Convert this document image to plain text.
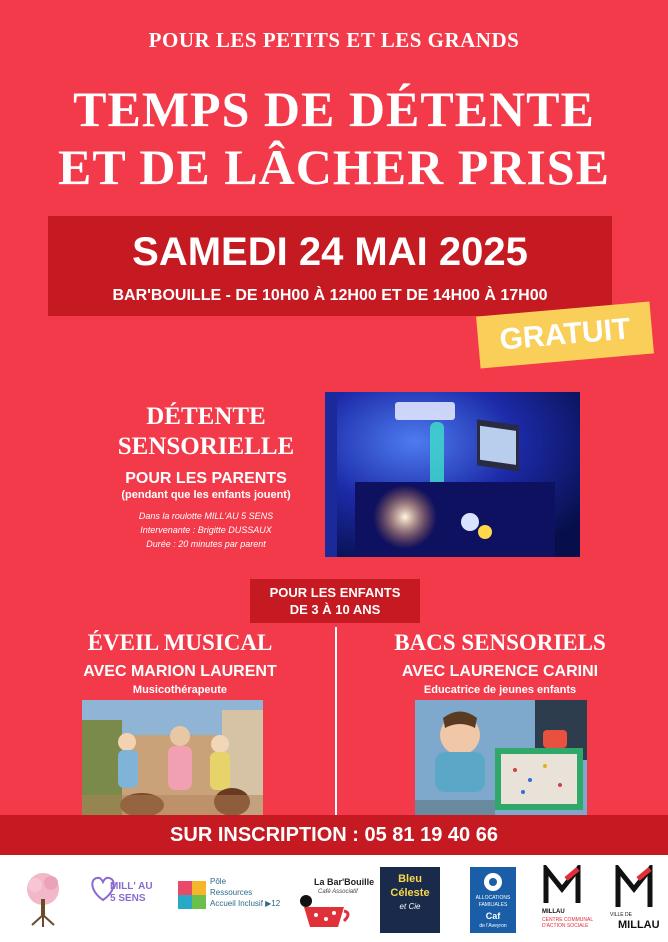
POUR LES PETITS ET LES GRANDS
TEMPS DE DÉTENTE
ET DE LÂCHER PRISE
SAMEDI 24 MAI 2025
BAR'BOUILLE - DE 10H00 À 12H00 ET DE 14H00 À 17H00
GRATUIT
DÉTENTE
SENSORIELLE
POUR LES PARENTS
(pendant que les enfants jouent)
Dans la roulotte MILL'AU 5 SENS
Intervenante : Brigitte DUSSAUX
Durée : 20 minutes par parent
POUR LES ENFANTS
DE 3 À 10 ANS
ÉVEIL MUSICAL
AVEC MARION LAURENT
Musicothérapeute
BACS SENSORIELS
AVEC LAURENCE CARINI
Educatrice de jeunes enfants
SUR INSCRIPTION : 05 81 19 40 66
MILL' AU
5 SENS
Pôle
Ressources
Accueil Inclusif ▶12
La Bar'Bouille
Café Associatif
Bleu
Céleste
et Cie
ALLOCATIONS
FAMILIALES
Caf
de l'Aveyron
MILLAU
CENTRE COMMUNAL
D'ACTION SOCIALE
VILLE DE
MILLAU
